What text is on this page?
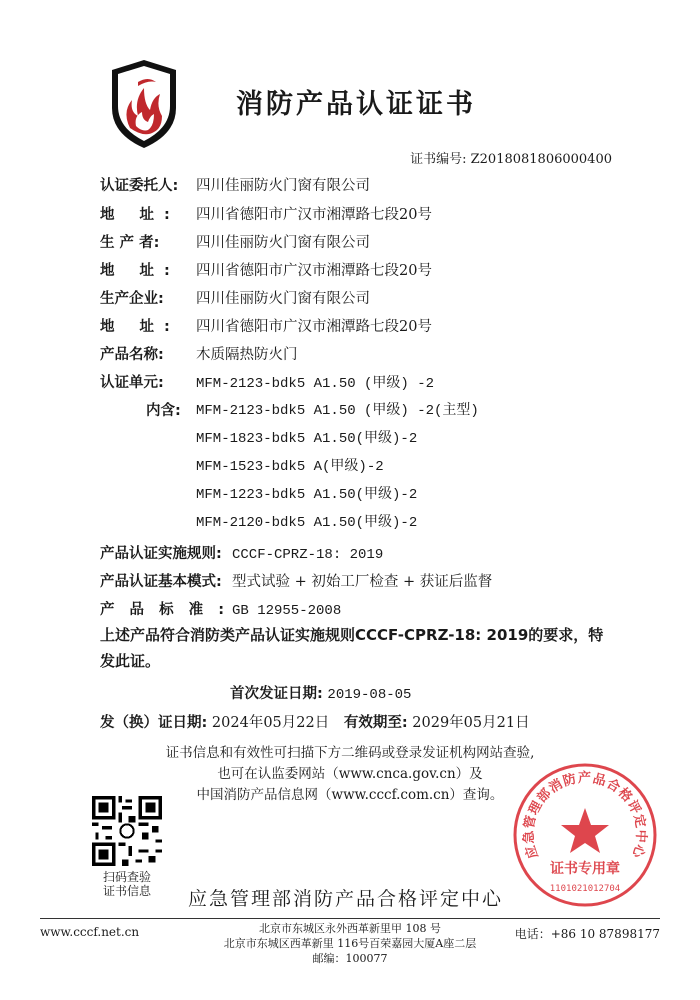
消防产品认证证书
证书编号: Z2018081806000400
认证委托人: 四川佳丽防火门窗有限公司
地 址: 四川省德阳市广汉市湘潭路七段20号
生 产 者:	四川佳丽防火门窗有限公司
地 址: 四川省德阳市广汉市湘潭路七段20号
生产企业: 四川佳丽防火门窗有限公司
地 址: 四川省德阳市广汉市湘潭路七段20号
产品名称: 木质隔热防火门
认证单元: MFM-2123-bdk5 A1.50 (甲级) -2
内含: MFM-2123-bdk5 A1.50 (甲级) -2(主型)
MFM-1823-bdk5 A1.50(甲级)-2
MFM-1523-bdk5 A(甲级)-2
MFM-1223-bdk5 A1.50(甲级)-2
MFM-2120-bdk5 A1.50(甲级)-2
产品认证实施规则: CCCF-CPRZ-18: 2019
产品认证基本模式: 型式试验 + 初始工厂检查 + 获证后监督
产 品 标 准 : GB 12955-2008
上述产品符合消防类产品认证实施规则CCCF-CPRZ-18: 2019的要求，特发此证。
首次发证日期: 2019-08-05
发（换）证日期: 2024年05月22日 有效期至: 2029年05月21日
证书信息和有效性可扫描下方二维码或登录发证机构网站查验,
也可在认监委网站（www.cnca.gov.cn）及
中国消防产品信息网（www.cccf.com.cn）查询。
扫码查验
证书信息	应急管理部消防产品合格评定中心
应急管理部消防产品合格评定中心
证书专用章
1101021012704
www.cccf.net.cn	北京市东城区永外西革新里甲 108 号
北京市东城区西革新里 116号百荣嘉园大厦A座二层
邮编：100077
电话：+86 10 87898177
